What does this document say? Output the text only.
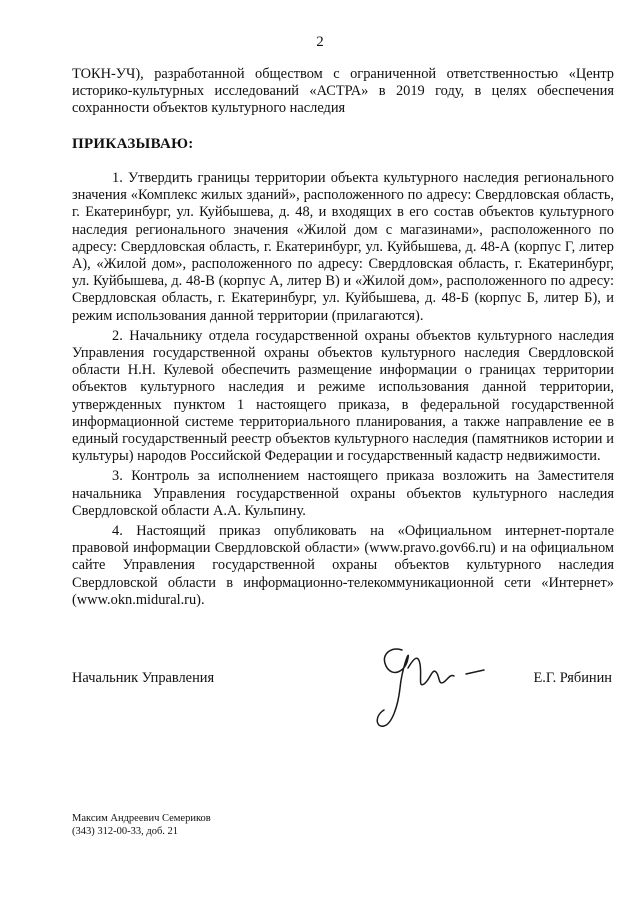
2
ТОКН-УЧ), разработанной обществом с ограниченной ответственностью «Центр историко-культурных исследований «АСТРА» в 2019 году, в целях обеспечения сохранности объектов культурного наследия
ПРИКАЗЫВАЮ:

1. Утвердить границы территории объекта культурного наследия регионального значения «Комплекс жилых зданий», расположенного по адресу: Свердловская область, г. Екатеринбург, ул. Куйбышева, д. 48, и входящих в его состав объектов культурного наследия регионального значения «Жилой дом с магазинами», расположенного по адресу: Свердловская область, г. Екатеринбург, ул. Куйбышева, д. 48-А (корпус Г, литер А), «Жилой дом», расположенного по адресу: Свердловская область, г. Екатеринбург, ул. Куйбышева, д. 48-В (корпус А, литер В) и «Жилой дом», расположенного по адресу: Свердловская область, г. Екатеринбург, ул. Куйбышева, д. 48-Б (корпус Б, литер Б), и режим использования данной территории (прилагаются).

2. Начальнику отдела государственной охраны объектов культурного наследия Управления государственной охраны объектов культурного наследия Свердловской области Н.Н. Кулевой обеспечить размещение информации о границах территории объектов культурного наследия и режиме использования данной территории, утвержденных пунктом 1 настоящего приказа, в федеральной государственной информационной системе территориального планирования, а также направление ее в единый государственный реестр объектов культурного наследия (памятников истории и культуры) народов Российской Федерации и государственный кадастр недвижимости.

3. Контроль за исполнением настоящего приказа возложить на Заместителя начальника Управления государственной охраны объектов культурного наследия Свердловской области А.А. Кульпину.

4. Настоящий приказ опубликовать на «Официальном интернет-портале правовой информации Свердловской области» (www.pravo.gov66.ru) и на официальном сайте Управления государственной охраны объектов культурного наследия Свердловской области в информационно-телекоммуникационной сети «Интернет» (www.okn.midural.ru).

Начальник Управления	Е.Г. Рябинин
Максим Андреевич Семериков
(343) 312-00-33, доб. 21
